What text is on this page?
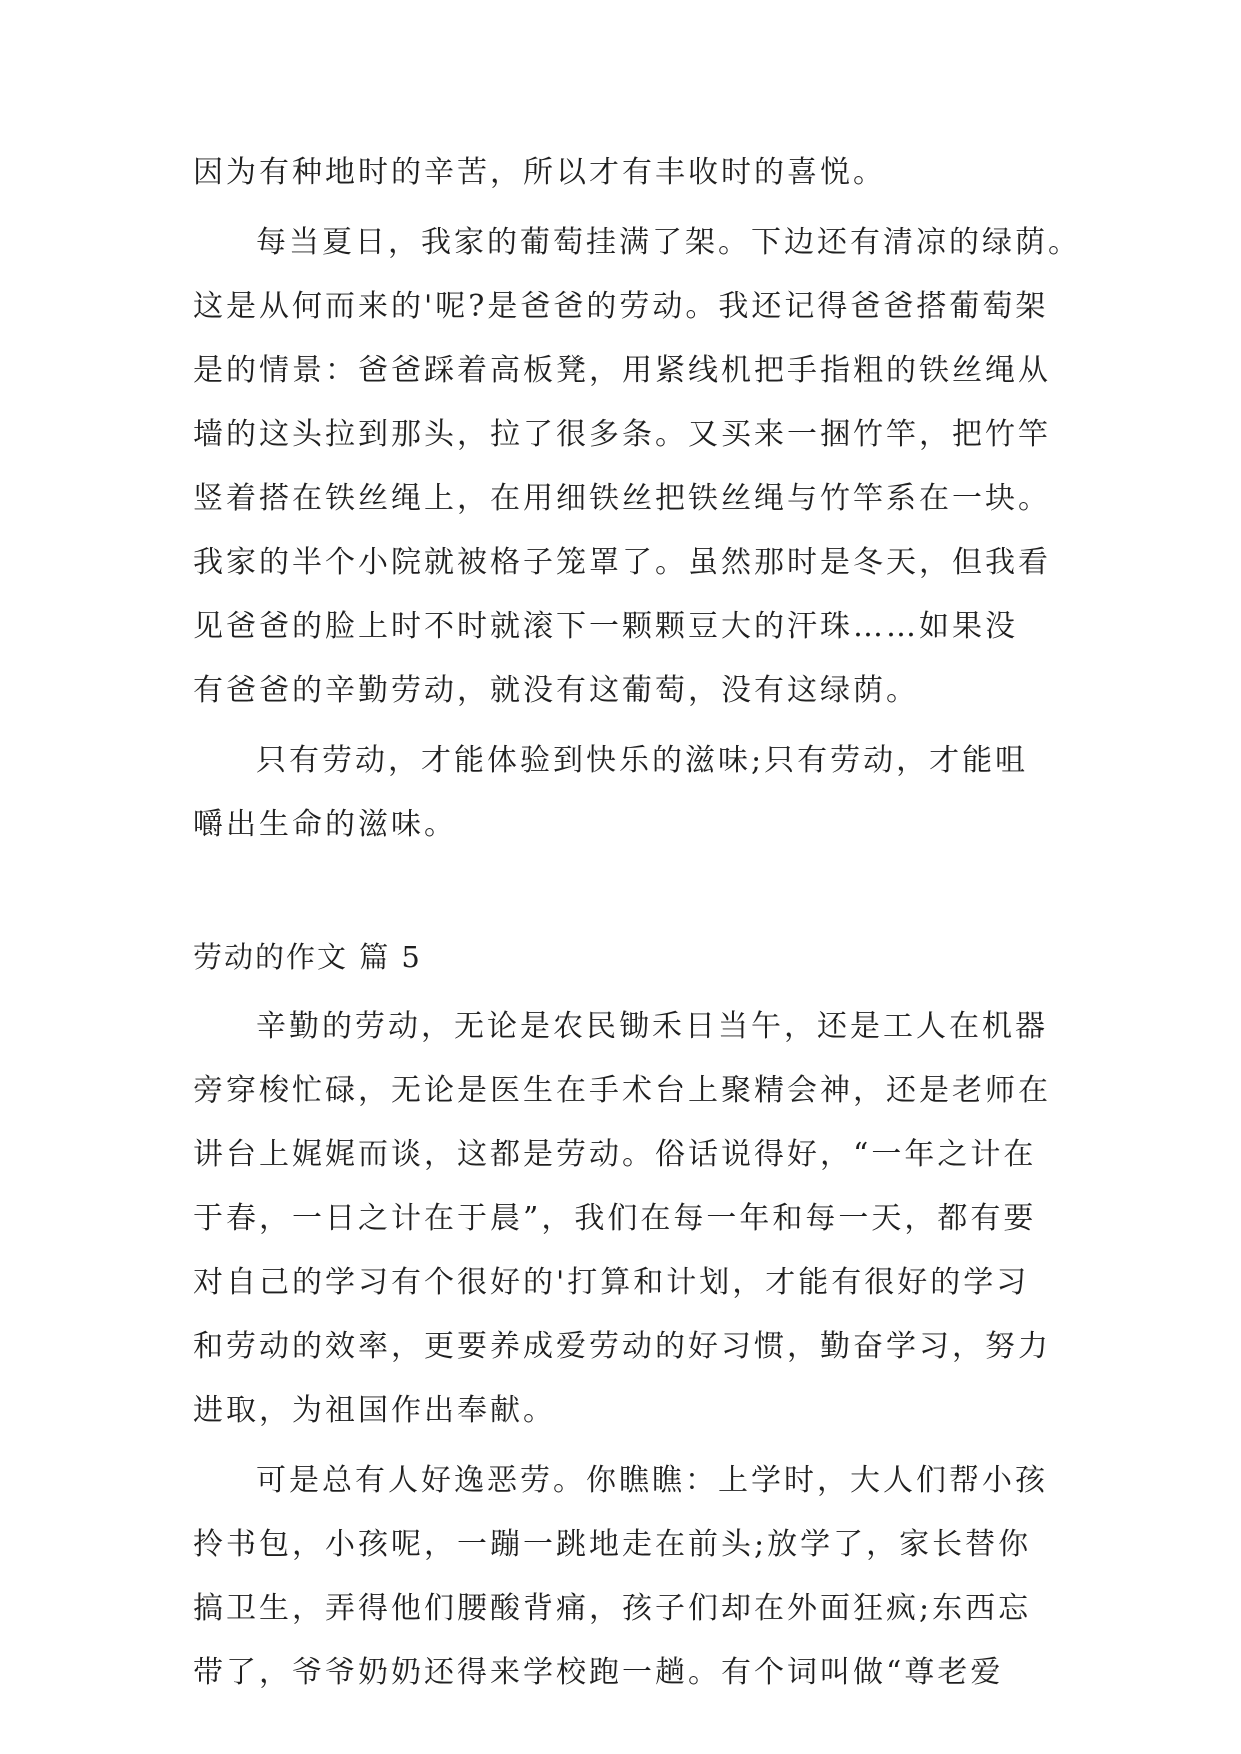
因为有种地时的辛苦，所以才有丰收时的喜悦。
每当夏日，我家的葡萄挂满了架。下边还有清凉的绿荫。
这是从何而来的'呢?是爸爸的劳动。我还记得爸爸搭葡萄架
是的情景：爸爸踩着高板凳，用紧线机把手指粗的铁丝绳从
墙的这头拉到那头，拉了很多条。又买来一捆竹竿，把竹竿
竖着搭在铁丝绳上，在用细铁丝把铁丝绳与竹竿系在一块。
我家的半个小院就被格子笼罩了。虽然那时是冬天，但我看
见爸爸的脸上时不时就滚下一颗颗豆大的汗珠……如果没
有爸爸的辛勤劳动，就没有这葡萄，没有这绿荫。
只有劳动，才能体验到快乐的滋味;只有劳动，才能咀
嚼出生命的滋味。
劳动的作文 篇 5
辛勤的劳动，无论是农民锄禾日当午，还是工人在机器
旁穿梭忙碌，无论是医生在手术台上聚精会神，还是老师在
讲台上娓娓而谈，这都是劳动。俗话说得好，“一年之计在
于春，一日之计在于晨”，我们在每一年和每一天，都有要
对自己的学习有个很好的'打算和计划，才能有很好的学习
和劳动的效率，更要养成爱劳动的好习惯，勤奋学习，努力
进取，为祖国作出奉献。
可是总有人好逸恶劳。你瞧瞧：上学时，大人们帮小孩
拎书包，小孩呢，一蹦一跳地走在前头;放学了，家长替你
搞卫生，弄得他们腰酸背痛，孩子们却在外面狂疯;东西忘
带了，爷爷奶奶还得来学校跑一趟。有个词叫做“尊老爱
